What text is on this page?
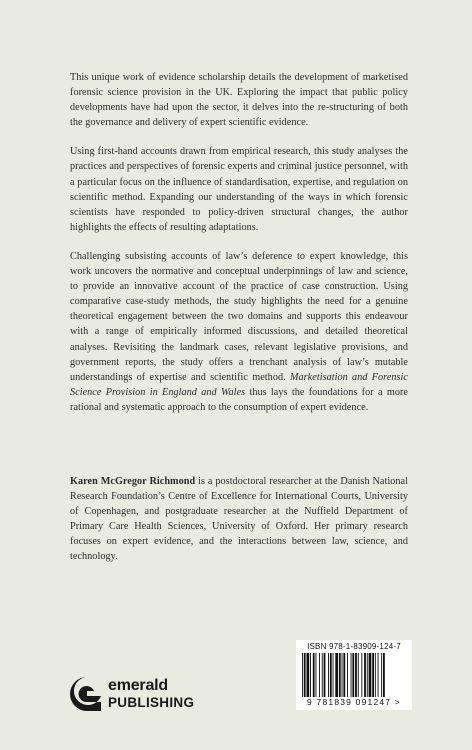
This unique work of evidence scholarship details the development of marketised forensic science provision in the UK. Exploring the impact that public policy developments have had upon the sector, it delves into the re-structuring of both the governance and delivery of expert scientific evidence.

Using first-hand accounts drawn from empirical research, this study analyses the practices and perspectives of forensic experts and criminal justice personnel, with a particular focus on the influence of standardisation, expertise, and regulation on scientific method. Expanding our understanding of the ways in which forensic scientists have responded to policy-driven structural changes, the author highlights the effects of resulting adaptations.

Challenging subsisting accounts of law’s deference to expert knowledge, this work uncovers the normative and conceptual underpinnings of law and science, to provide an innovative account of the practice of case construction. Using comparative case-study methods, the study highlights the need for a genuine theoretical engagement between the two domains and supports this endeavour with a range of empirically informed discussions, and detailed theoretical analyses. Revisiting the landmark cases, relevant legislative provisions, and government reports, the study offers a trenchant analysis of law’s mutable understandings of expertise and scientific method. Marketisation and Forensic Science Provision in England and Wales thus lays the foundations for a more rational and systematic approach to the consumption of expert evidence.

Karen McGregor Richmond is a postdoctoral researcher at the Danish National Research Foundation’s Centre of Excellence for International Courts, University of Copenhagen, and postgraduate researcher at the Nuffield Department of Primary Care Health Sciences, University of Oxford. Her primary research focuses on expert evidence, and the interactions between law, science, and technology.

ISBN 978-1-83909-124-7
9 781839 091247 >
emerald
PUBLISHING
